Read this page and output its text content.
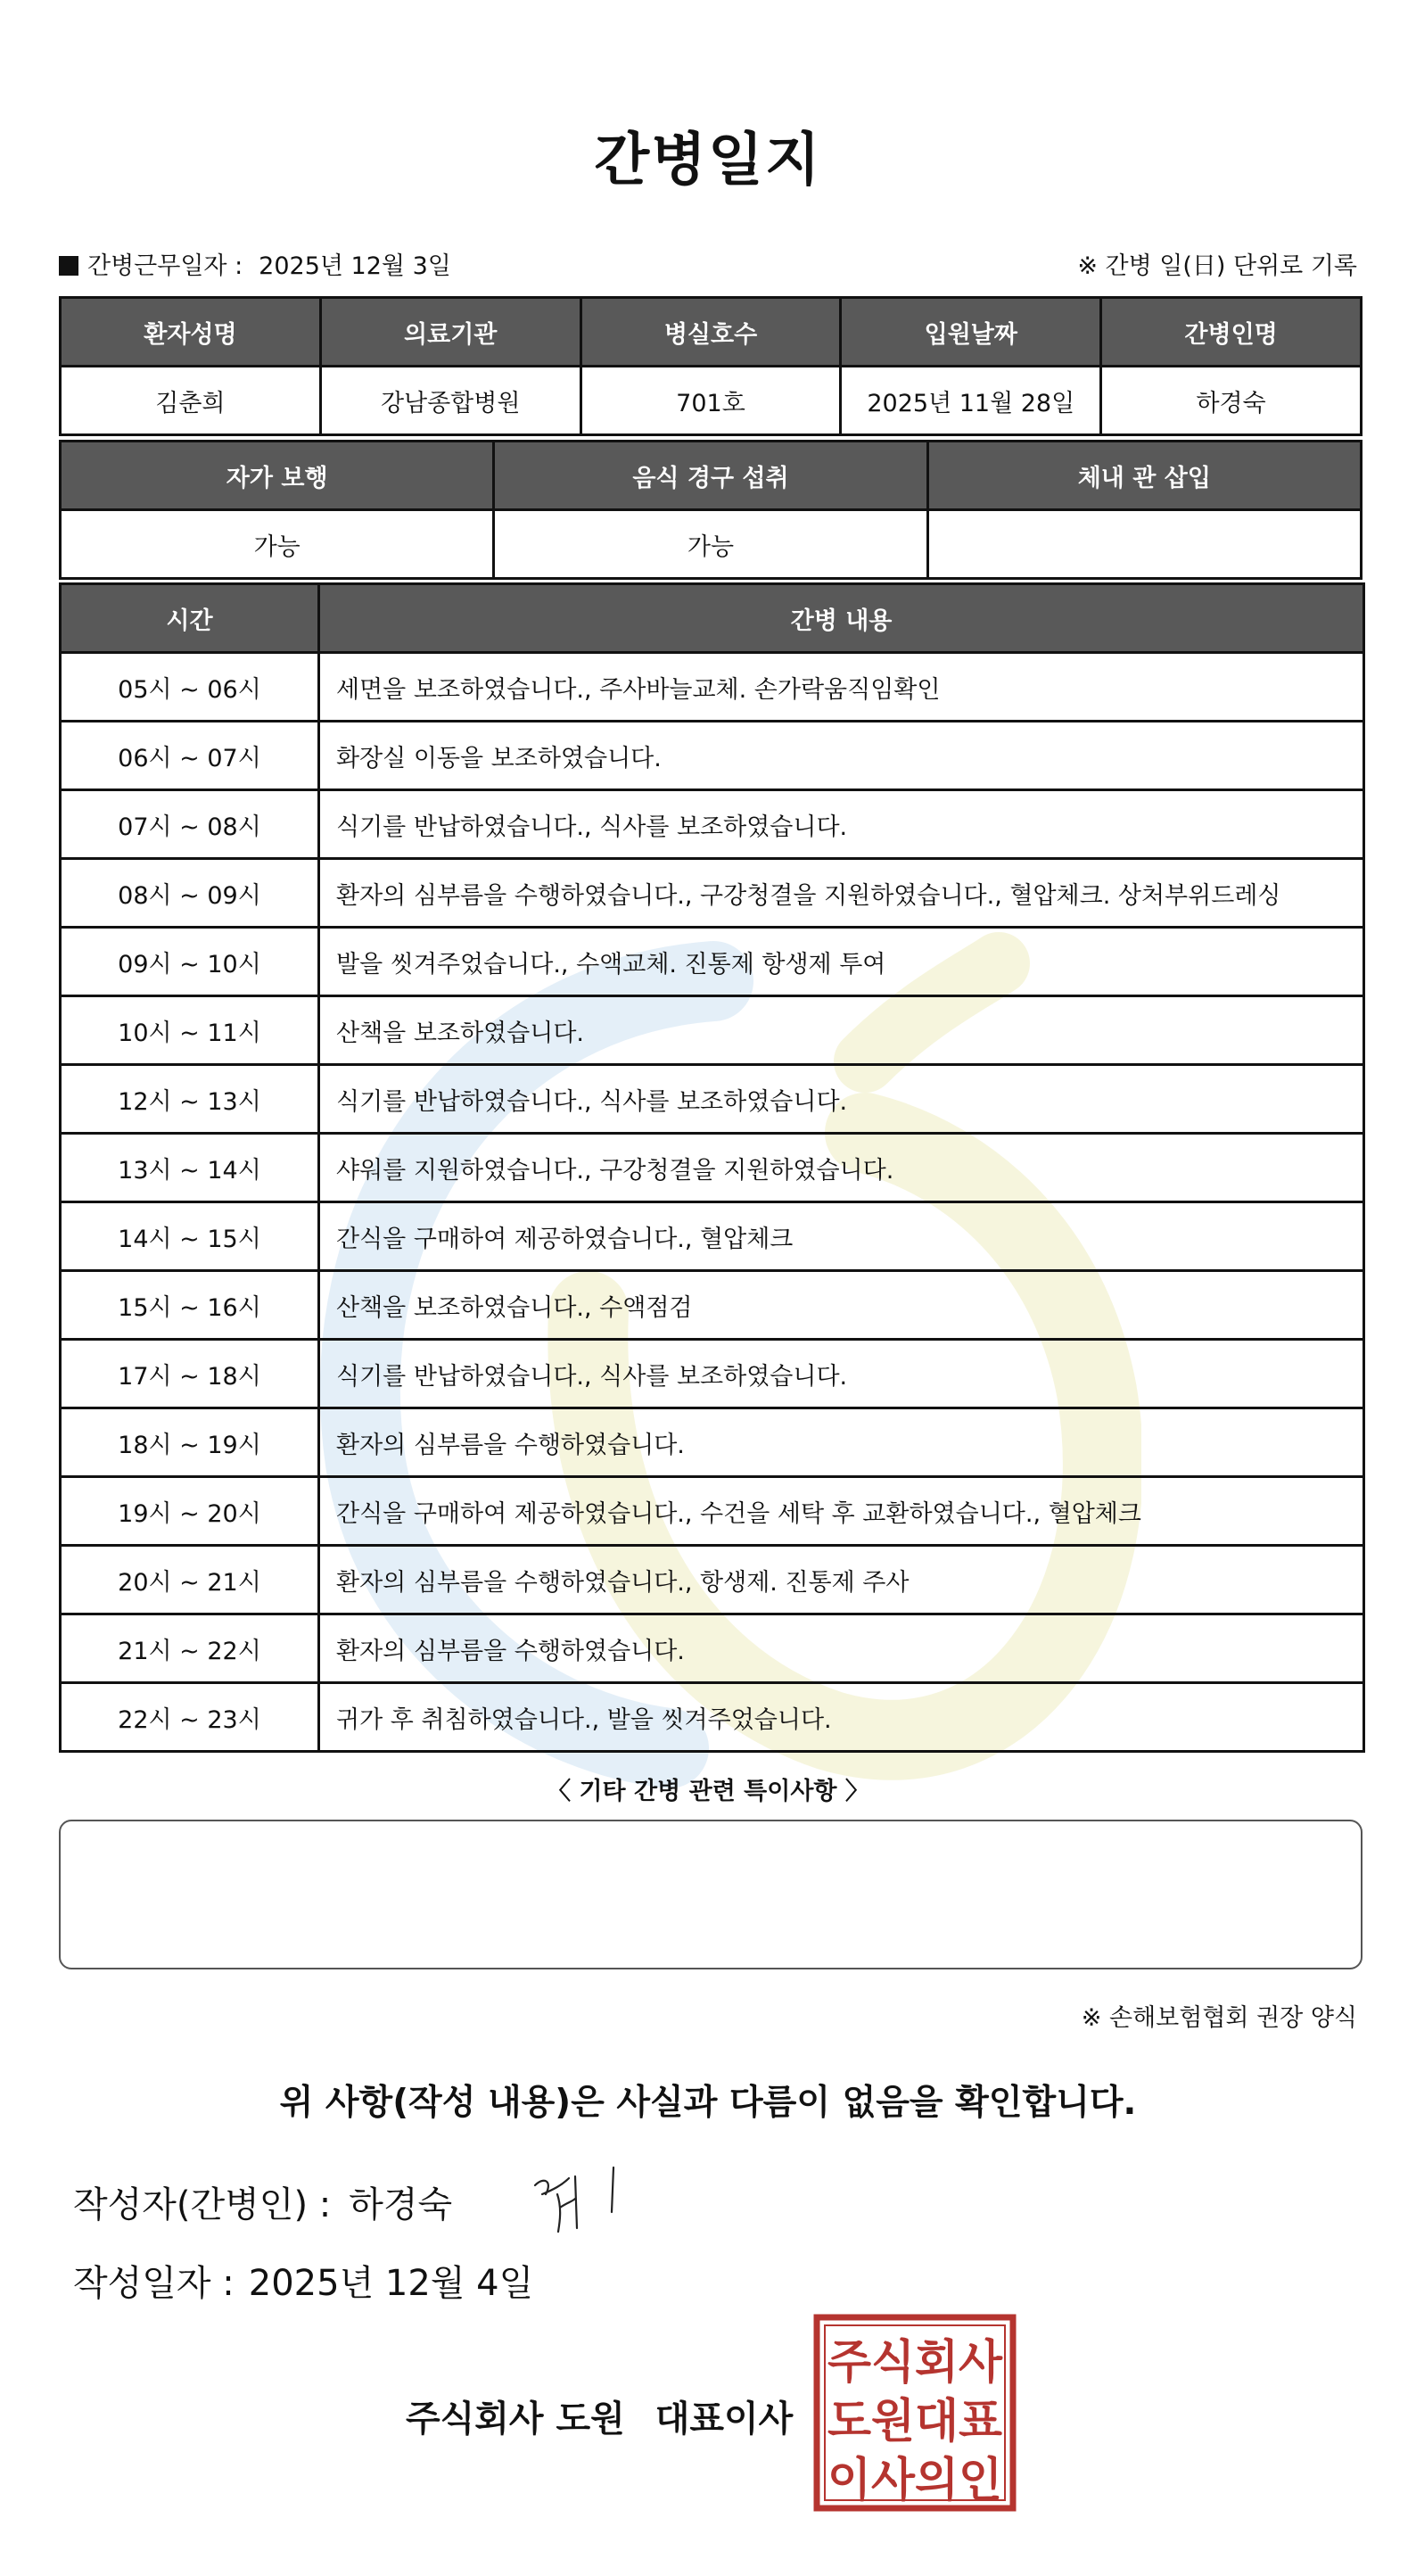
간병일지
간병근무일자 : 2025년 12월 3일	※ 간병 일(日) 단위로 기록
환자성명	의료기관	병실호수	입원날짜	간병인명
김춘희	강남종합병원	701호	2025년 11월 28일	하경숙
자가 보행	음식 경구 섭취	체내 관 삽입
가능	가능	
시간	간병 내용
05시 ~ 06시	세면을 보조하였습니다., 주사바늘교체. 손가락움직임확인
06시 ~ 07시	화장실 이동을 보조하였습니다.
07시 ~ 08시	식기를 반납하였습니다., 식사를 보조하였습니다.
08시 ~ 09시	환자의 심부름을 수행하였습니다., 구강청결을 지원하였습니다., 혈압체크. 상처부위드레싱
09시 ~ 10시	발을 씻겨주었습니다., 수액교체. 진통제 항생제 투여
10시 ~ 11시	산책을 보조하였습니다.
12시 ~ 13시	식기를 반납하였습니다., 식사를 보조하였습니다.
13시 ~ 14시	샤워를 지원하였습니다., 구강청결을 지원하였습니다.
14시 ~ 15시	간식을 구매하여 제공하였습니다., 혈압체크
15시 ~ 16시	산책을 보조하였습니다., 수액점검
17시 ~ 18시	식기를 반납하였습니다., 식사를 보조하였습니다.
18시 ~ 19시	환자의 심부름을 수행하였습니다.
19시 ~ 20시	간식을 구매하여 제공하였습니다., 수건을 세탁 후 교환하였습니다., 혈압체크
20시 ~ 21시	환자의 심부름을 수행하였습니다., 항생제. 진통제 주사
21시 ~ 22시	환자의 심부름을 수행하였습니다.
22시 ~ 23시	귀가 후 취침하였습니다., 발을 씻겨주었습니다.
〈 기타 간병 관련 특이사항 〉
※ 손해보험협회 권장 양식
위 사항(작성 내용)은 사실과 다름이 없음을 확인합니다.
작성자(간병인) : 하경숙
작성일자 : 2025년 12월 4일
주식회사 도원 대표이사
주식회사
도원대표
이사의인
